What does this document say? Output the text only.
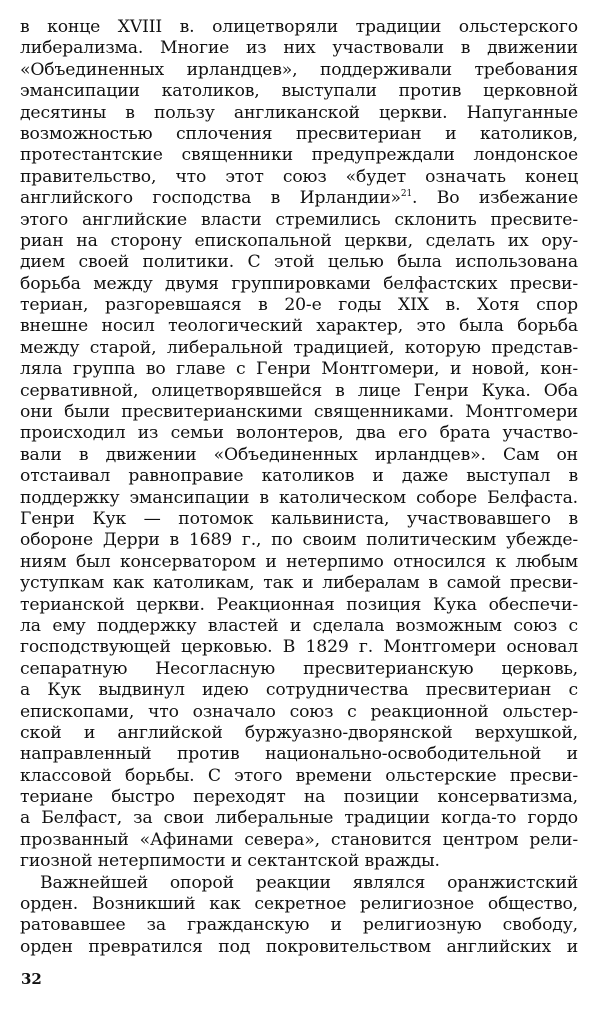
в конце XVIII в. олицетворяли традиции ольстерского
либерализма. Многие из них участвовали в движении
«Объединенных ирландцев», поддерживали требования
эмансипации католиков, выступали против церковной
десятины в пользу англиканской церкви. Напуганные
возможностью сплочения пресвитериан и католиков,
протестантские священники предупреждали лондонское
правительство, что этот союз «будет означать конец
английского господства в Ирландии»$^{21}$. Во избежание
этого английские власти стремились склонить пресвите-
риан на сторону епископальной церкви, сделать их ору-
дием своей политики. С этой целью была использована
борьба между двумя группировками белфастских пресви-
териан, разгоревшаяся в 20-е годы XIX в. Хотя спор
внешне носил теологический характер, это была борьба
между старой, либеральной традицией, которую представ-
ляла группа во главе с Генри Монтгомери, и новой, кон-
сервативной, олицетворявшейся в лице Генри Кука. Оба
они были пресвитерианскими священниками. Монтгомери
происходил из семьи волонтеров, два его брата участво-
вали в движении «Объединенных ирландцев». Сам он
отстаивал равноправие католиков и даже выступал в
поддержку эмансипации в католическом соборе Белфаста.
Генри Кук — потомок кальвиниста, участвовавшего в
обороне Дерри в 1689 г., по своим политическим убежде-
ниям был консерватором и нетерпимо относился к любым
уступкам как католикам, так и либералам в самой пресви-
терианской церкви. Реакционная позиция Кука обеспечи-
ла ему поддержку властей и сделала возможным союз с
господствующей церковью. В 1829 г. Монтгомери основал
сепаратную Несогласную пресвитерианскую церковь,
а Кук выдвинул идею сотрудничества пресвитериан с
епископами, что означало союз с реакционной ольстер-
ской и английской буржуазно-дворянской верхушкой,
направленный против национально-освободительной и
классовой борьбы. С этого времени ольстерские пресви-
териане быстро переходят на позиции консерватизма,
а Белфаст, за свои либеральные традиции когда-то гордо
прозванный «Афинами севера», становится центром рели-
гиозной нетерпимости и сектантской вражды.
Важнейшей опорой реакции являлся оранжистский
орден. Возникший как секретное религиозное общество,
ратовавшее за гражданскую и религиозную свободу,
орден превратился под покровительством английских и
32
